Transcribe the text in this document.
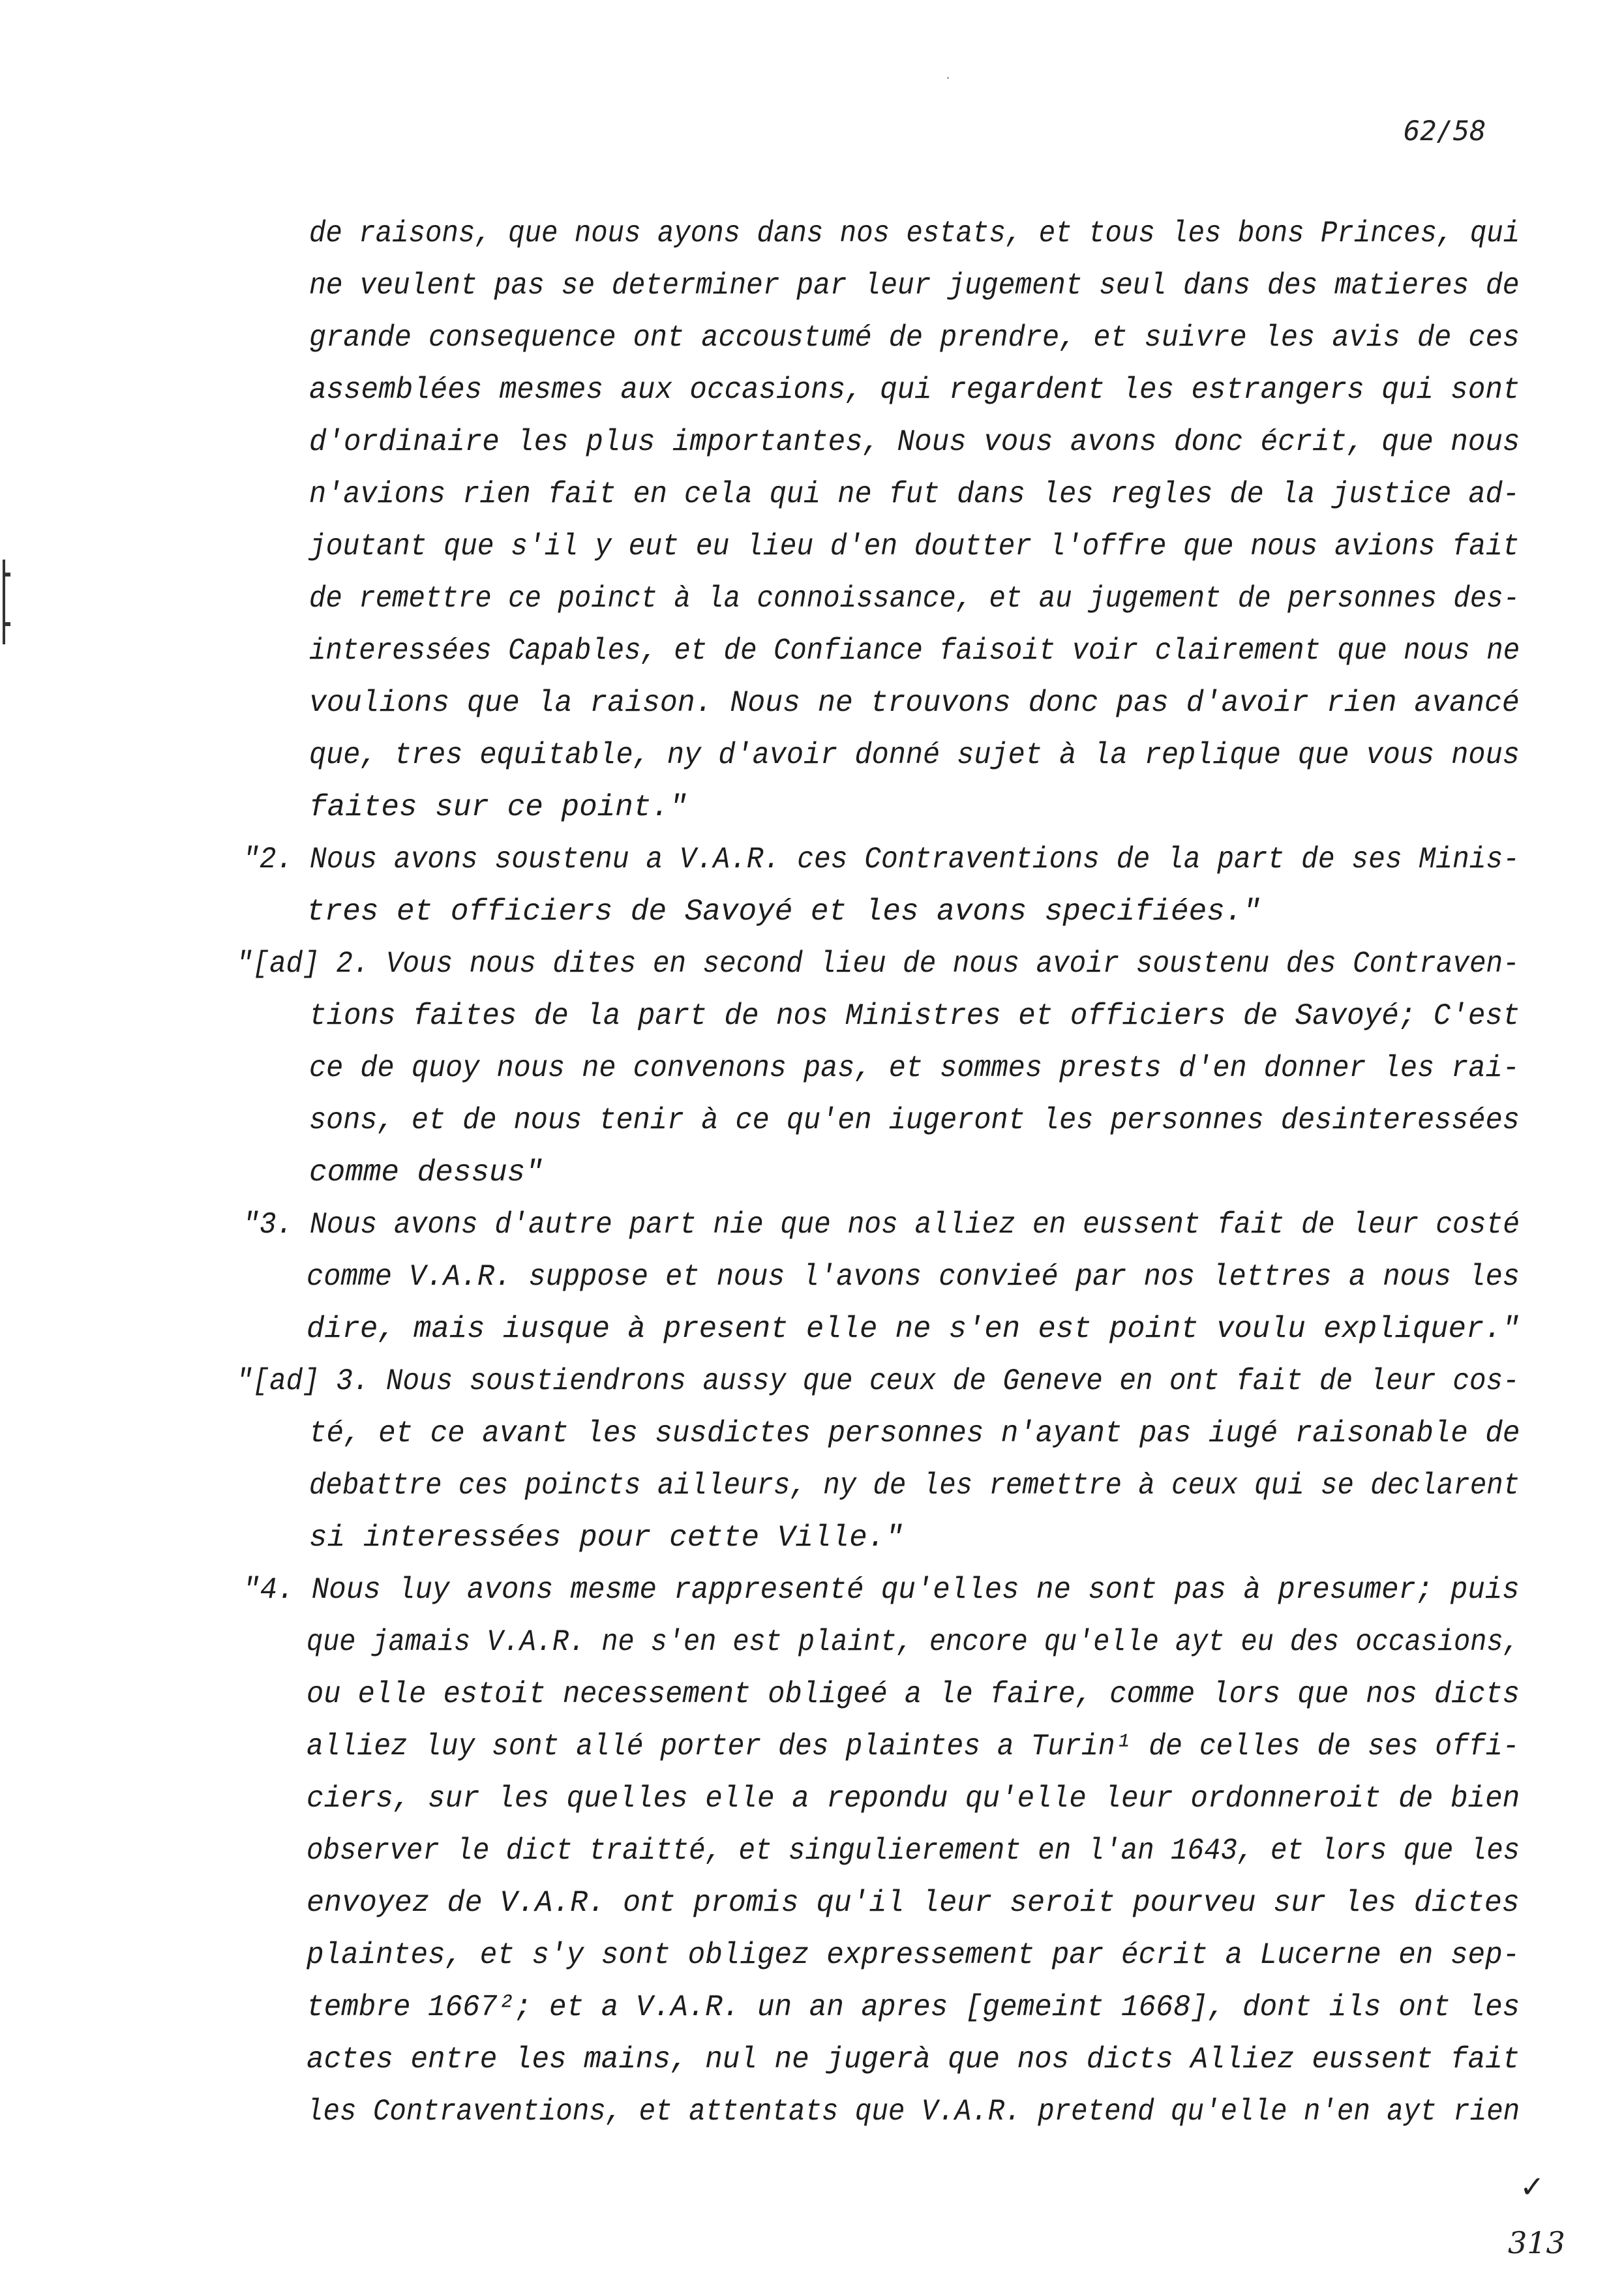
62/58
de raisons, que nous ayons dans nos estats, et tous les bons Princes, qui
ne veulent pas se determiner par leur jugement seul dans des matieres de
grande consequence ont accoustumé de prendre, et suivre les avis de ces
assemblées mesmes aux occasions, qui regardent les estrangers qui sont
d'ordinaire les plus importantes, Nous vous avons donc écrit, que nous
n'avions rien fait en cela qui ne fut dans les regles de la justice ad-
joutant que s'il y eut eu lieu d'en doutter l'offre que nous avions fait
de remettre ce poinct à la connoissance, et au jugement de personnes des-
interessées Capables, et de Confiance faisoit voir clairement que nous ne
voulions que la raison. Nous ne trouvons donc pas d'avoir rien avancé
que, tres equitable, ny d'avoir donné sujet à la replique que vous nous
faites sur ce point."
"2. Nous avons soustenu a V.A.R. ces Contraventions de la part de ses Minis-
tres et officiers de Savoyé et les avons specifiées."
"[ad] 2. Vous nous dites en second lieu de nous avoir soustenu des Contraven-
tions faites de la part de nos Ministres et officiers de Savoyé; C'est
ce de quoy nous ne convenons pas, et sommes prests d'en donner les rai-
sons, et de nous tenir à ce qu'en iugeront les personnes desinteressées
comme dessus"
"3. Nous avons d'autre part nie que nos alliez en eussent fait de leur costé
comme V.A.R. suppose et nous l'avons convieé par nos lettres a nous les
dire, mais iusque à present elle ne s'en est point voulu expliquer."
"[ad] 3. Nous soustiendrons aussy que ceux de Geneve en ont fait de leur cos-
té, et ce avant les susdictes personnes n'ayant pas iugé raisonable de
debattre ces poincts ailleurs, ny de les remettre à ceux qui se declarent
si interessées pour cette Ville."
"4. Nous luy avons mesme rappresenté qu'elles ne sont pas à presumer; puis
que jamais V.A.R. ne s'en est plaint, encore qu'elle ayt eu des occasions,
ou elle estoit necessement obligeé a le faire, comme lors que nos dicts
alliez luy sont allé porter des plaintes a Turin¹ de celles de ses offi-
ciers, sur les quelles elle a repondu qu'elle leur ordonneroit de bien
observer le dict traitté, et singulierement en l'an 1643, et lors que les
envoyez de V.A.R. ont promis qu'il leur seroit pourveu sur les dictes
plaintes, et s'y sont obligez expressement par écrit a Lucerne en sep-
tembre 1667²; et a V.A.R. un an apres [gemeint 1668], dont ils ont les
actes entre les mains, nul ne jugerà que nos dicts Alliez eussent fait
les Contraventions, et attentats que V.A.R. pretend qu'elle n'en ayt rien
✓
313
